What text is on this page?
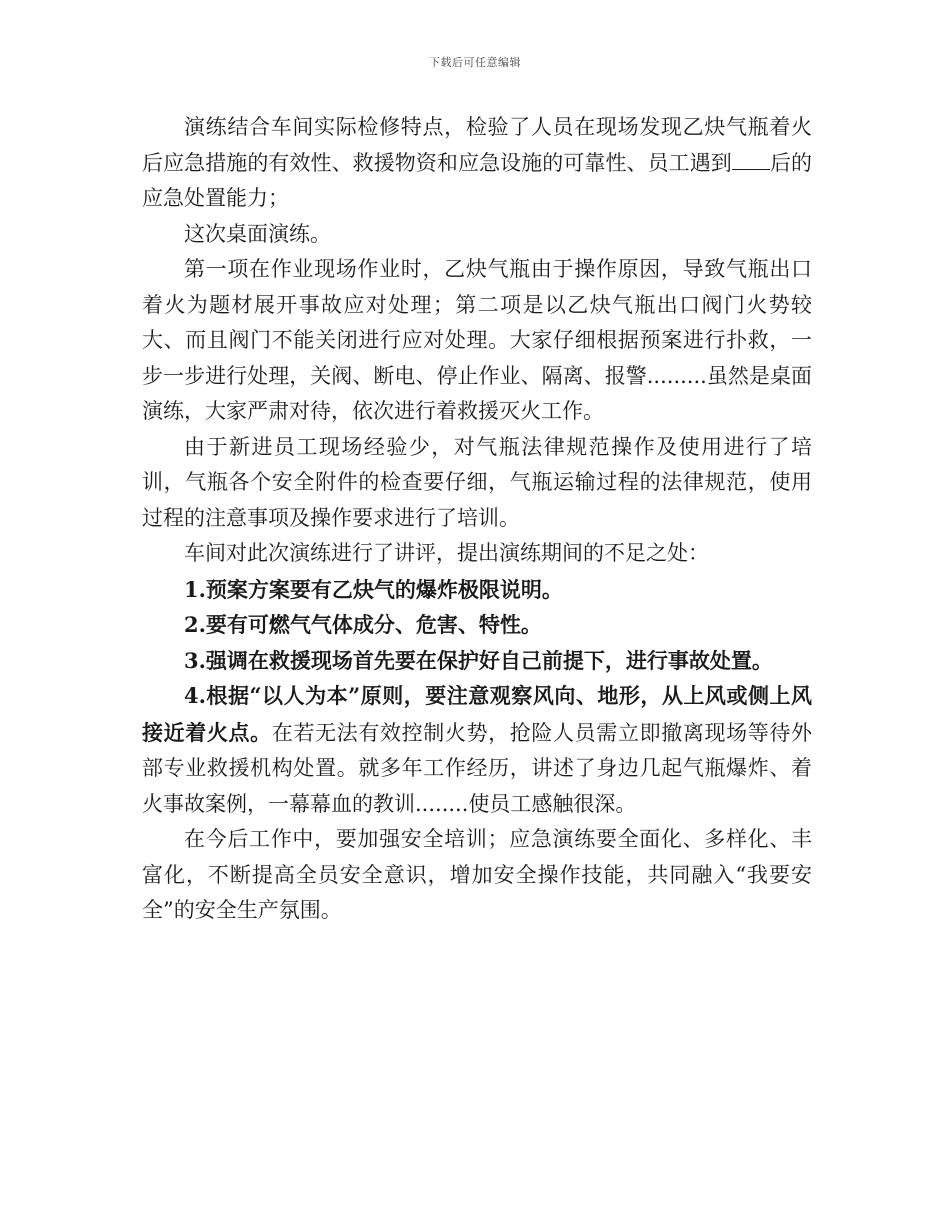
下载后可任意编辑

演练结合车间实际检修特点，检验了人员在现场发现乙炔气瓶着火后应急措施的有效性、救援物资和应急设施的可靠性、员工遇到 后的应急处置能力；

这次桌面演练。

第一项在作业现场作业时，乙炔气瓶由于操作原因，导致气瓶出口着火为题材展开事故应对处理；第二项是以乙炔气瓶出口阀门火势较大、而且阀门不能关闭进行应对处理。大家仔细根据预案进行扑救，一步一步进行处理，关阀、断电、停止作业、隔离、报警.........虽然是桌面演练，大家严肃对待，依次进行着救援灭火工作。

由于新进员工现场经验少，对气瓶法律规范操作及使用进行了培训，气瓶各个安全附件的检查要仔细，气瓶运输过程的法律规范，使用过程的注意事项及操作要求进行了培训。

车间对此次演练进行了讲评，提出演练期间的不足之处：

1.预案方案要有乙炔气的爆炸极限说明。

2.要有可燃气气体成分、危害、特性。

3.强调在救援现场首先要在保护好自己前提下，进行事故处置。

4.根据“以人为本”原则，要注意观察风向、地形，从上风或侧上风接近着火点。在若无法有效控制火势，抢险人员需立即撤离现场等待外部专业救援机构处置。就多年工作经历，讲述了身边几起气瓶爆炸、着火事故案例，一幕幕血的教训........使员工感触很深。

在今后工作中，要加强安全培训；应急演练要全面化、多样化、丰富化，不断提高全员安全意识，增加安全操作技能，共同融入“我要安全”的安全生产氛围。
